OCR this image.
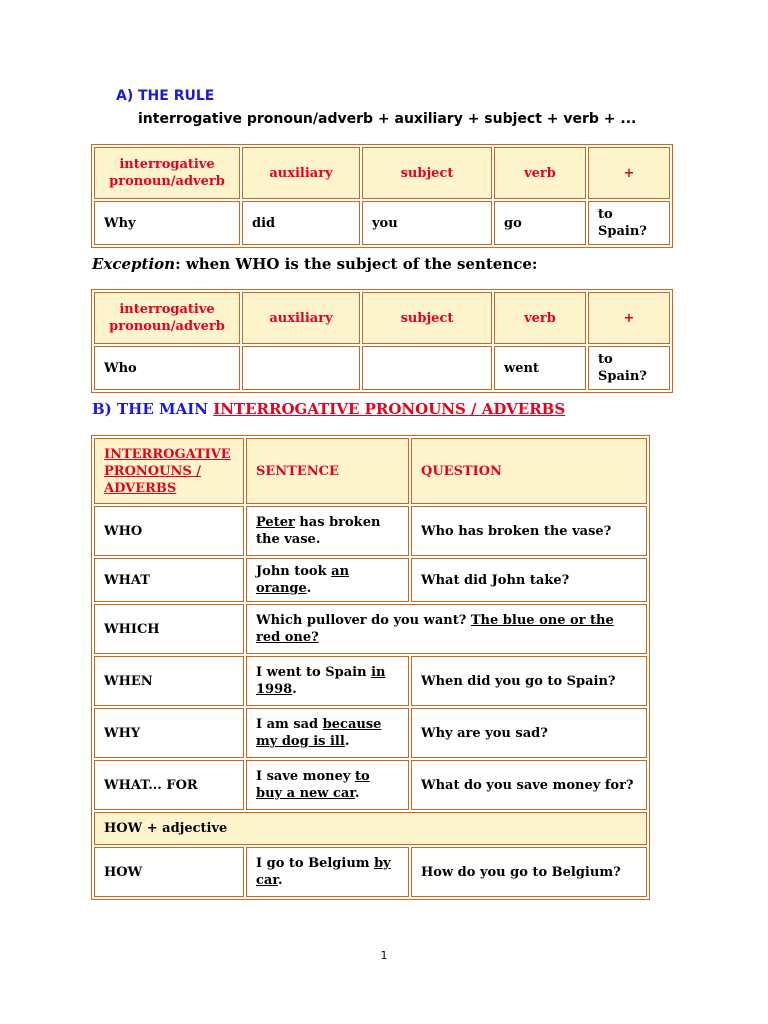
A) THE RULE
interrogative pronoun/adverb + auxiliary + subject + verb + ...
interrogative pronoun/adverb	auxiliary	subject	verb	+
Why	did	you	go	to Spain?
Exception: when WHO is the subject of the sentence:
interrogative pronoun/adverb	auxiliary	subject	verb	+
Who			went	to Spain?
B) THE MAIN INTERROGATIVE PRONOUNS / ADVERBS
INTERROGATIVE PRONOUNS / ADVERBS	SENTENCE	QUESTION
WHO	Peter has broken the vase.	Who has broken the vase?
WHAT	John took an orange.	What did John take?
WHICH	Which pullover do you want? The blue one or the red one?	
WHEN	I went to Spain in 1998.	When did you go to Spain?
WHY	I am sad because my dog is ill.	Why are you sad?
WHAT... FOR	I save money to buy a new car.	What do you save money for?
HOW + adjective		
HOW	I go to Belgium by car.	How do you go to Belgium?
1
